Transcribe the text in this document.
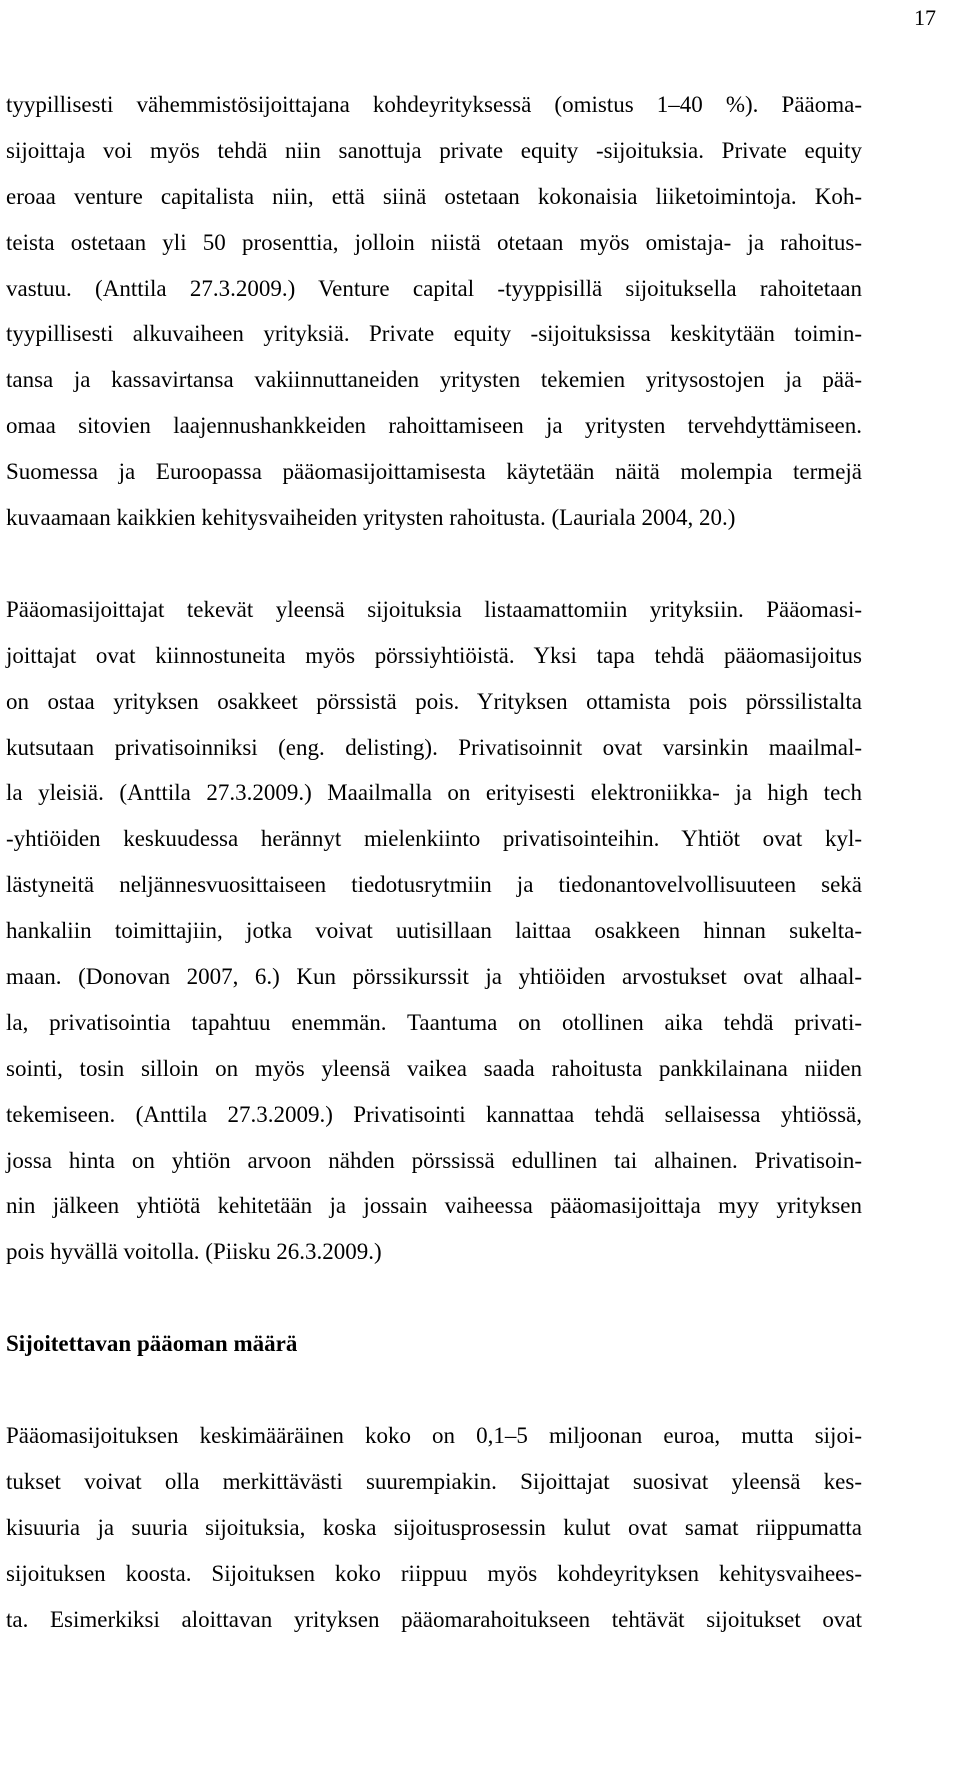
17
tyypillisesti vähemmistösijoittajana kohdeyrityksessä (omistus 1–40 %). Pääoma-
sijoittaja voi myös tehdä niin sanottuja private equity -sijoituksia. Private equity
eroaa venture capitalista niin, että siinä ostetaan kokonaisia liiketoimintoja. Koh-
teista ostetaan yli 50 prosenttia, jolloin niistä otetaan myös omistaja- ja rahoitus-
vastuu. (Anttila 27.3.2009.) Venture capital -tyyppisillä sijoituksella rahoitetaan
tyypillisesti alkuvaiheen yrityksiä. Private equity -sijoituksissa keskitytään toimin-
tansa ja kassavirtansa vakiinnuttaneiden yritysten tekemien yritysostojen ja pää-
omaa sitovien laajennushankkeiden rahoittamiseen ja yritysten tervehdyttämiseen.
Suomessa ja Euroopassa pääomasijoittamisesta käytetään näitä molempia termejä
kuvaamaan kaikkien kehitysvaiheiden yritysten rahoitusta. (Lauriala 2004, 20.)
Pääomasijoittajat tekevät yleensä sijoituksia listaamattomiin yrityksiin. Pääomasi-
joittajat ovat kiinnostuneita myös pörssiyhtiöistä. Yksi tapa tehdä pääomasijoitus
on ostaa yrityksen osakkeet pörssistä pois. Yrityksen ottamista pois pörssilistalta
kutsutaan privatisoinniksi (eng. delisting). Privatisoinnit ovat varsinkin maailmal-
la yleisiä. (Anttila 27.3.2009.) Maailmalla on erityisesti elektroniikka- ja high tech
-yhtiöiden keskuudessa herännyt mielenkiinto privatisointeihin. Yhtiöt ovat kyl-
lästyneitä neljännesvuosittaiseen tiedotusrytmiin ja tiedonantovelvollisuuteen sekä
hankaliin toimittajiin, jotka voivat uutisillaan laittaa osakkeen hinnan sukelta-
maan. (Donovan 2007, 6.) Kun pörssikurssit ja yhtiöiden arvostukset ovat alhaal-
la, privatisointia tapahtuu enemmän. Taantuma on otollinen aika tehdä privati-
sointi, tosin silloin on myös yleensä vaikea saada rahoitusta pankkilainana niiden
tekemiseen. (Anttila 27.3.2009.) Privatisointi kannattaa tehdä sellaisessa yhtiössä,
jossa hinta on yhtiön arvoon nähden pörssissä edullinen tai alhainen. Privatisoin-
nin jälkeen yhtiötä kehitetään ja jossain vaiheessa pääomasijoittaja myy yrityksen
pois hyvällä voitolla. (Piisku 26.3.2009.)
Sijoitettavan pääoman määrä
Pääomasijoituksen keskimääräinen koko on 0,1–5 miljoonan euroa, mutta sijoi-
tukset voivat olla merkittävästi suurempiakin. Sijoittajat suosivat yleensä kes-
kisuuria ja suuria sijoituksia, koska sijoitusprosessin kulut ovat samat riippumatta
sijoituksen koosta. Sijoituksen koko riippuu myös kohdeyrityksen kehitysvaihees-
ta. Esimerkiksi aloittavan yrityksen pääomarahoitukseen tehtävät sijoitukset ovat
